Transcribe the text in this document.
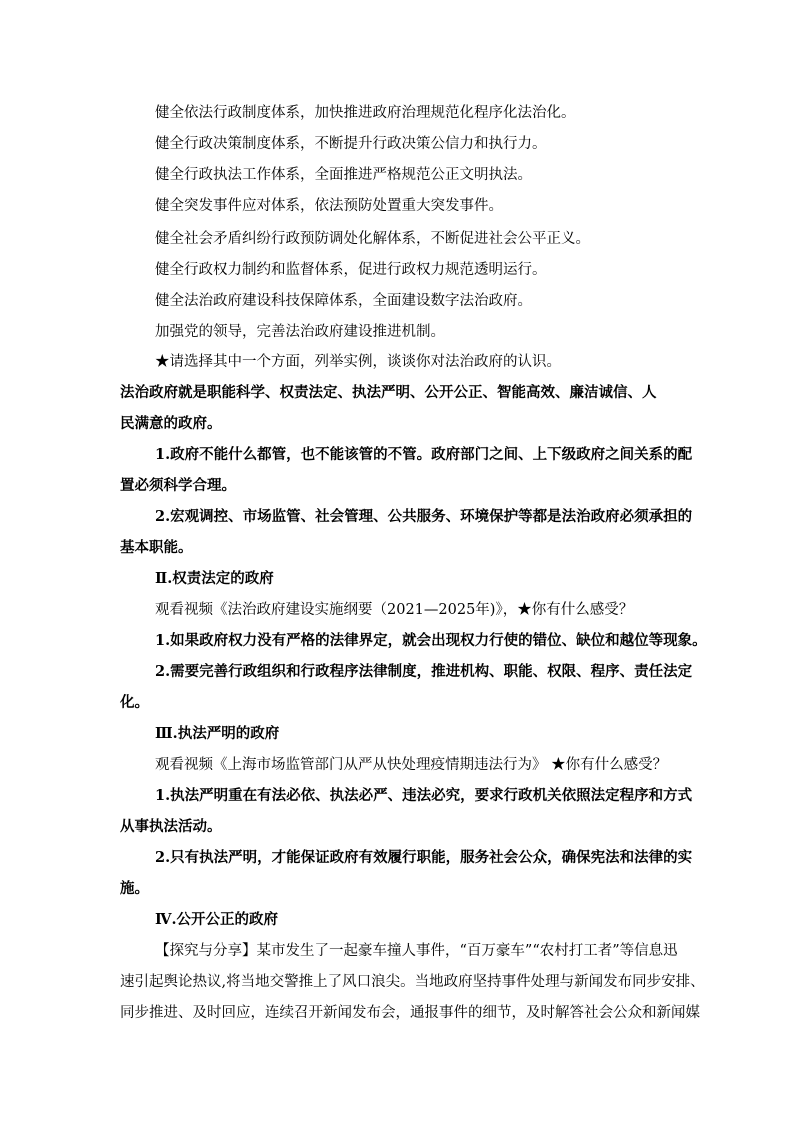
健全依法行政制度体系，加快推进政府治理规范化程序化法治化。
健全行政决策制度体系，不断提升行政决策公信力和执行力。
健全行政执法工作体系，全面推进严格规范公正文明执法。
健全突发事件应对体系，依法预防处置重大突发事件。
健全社会矛盾纠纷行政预防调处化解体系，不断促进社会公平正义。
健全行政权力制约和监督体系，促进行政权力规范透明运行。
健全法治政府建设科技保障体系，全面建设数字法治政府。
加强党的领导，完善法治政府建设推进机制。
★请选择其中一个方面，列举实例，谈谈你对法治政府的认识。
法治政府就是职能科学、权责法定、执法严明、公开公正、智能高效、廉洁诚信、人
民满意的政府。
1.政府不能什么都管，也不能该管的不管。政府部门之间、上下级政府之间关系的配
置必须科学合理。
2.宏观调控、市场监管、社会管理、公共服务、环境保护等都是法治政府必须承担的
基本职能。
Ⅱ.权责法定的政府
观看视频《法治政府建设实施纲要（2021—2025年)》，★你有什么感受？
1.如果政府权力没有严格的法律界定，就会出现权力行使的错位、缺位和越位等现象。
2.需要完善行政组织和行政程序法律制度，推进机构、职能、权限、程序、责任法定
化。
Ⅲ.执法严明的政府
观看视频《上海市场监管部门从严从快处理疫情期违法行为》 ★你有什么感受？
1.执法严明重在有法必依、执法必严、违法必究，要求行政机关依照法定程序和方式
从事执法活动。
2.只有执法严明，才能保证政府有效履行职能，服务社会公众，确保宪法和法律的实
施。
Ⅳ.公开公正的政府
【探究与分享】某市发生了一起豪车撞人事件，“百万豪车”“农村打工者”等信息迅
速引起舆论热议,将当地交警推上了风口浪尖。当地政府坚持事件处理与新闻发布同步安排、
同步推进、及时回应，连续召开新闻发布会，通报事件的细节，及时解答社会公众和新闻媒
